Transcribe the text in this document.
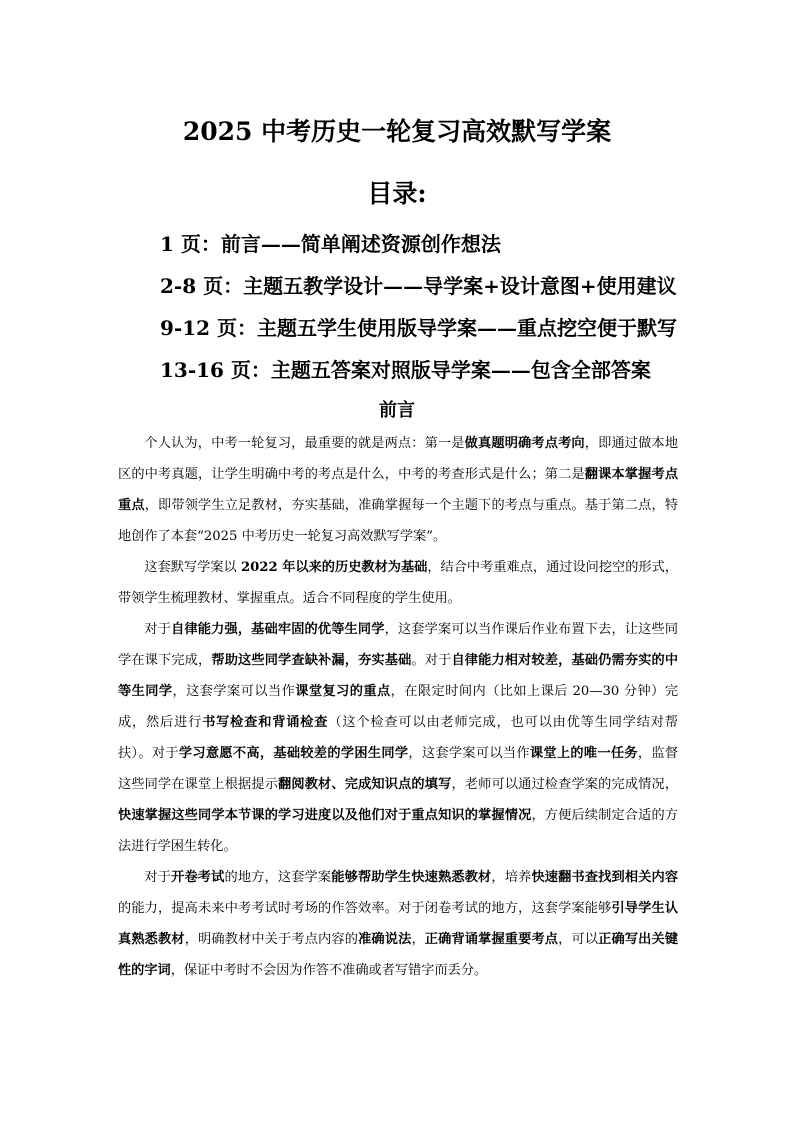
2025 中考历史一轮复习高效默写学案
目录:
1 页：前言——简单阐述资源创作想法
2-8 页：主题五教学设计——导学案+设计意图+使用建议
9-12 页：主题五学生使用版导学案——重点挖空便于默写
13-16 页：主题五答案对照版导学案——包含全部答案
前言

个人认为，中考一轮复习，最重要的就是两点：第一是做真题明确考点考向，即通过做本地区的中考真题，让学生明确中考的考点是什么，中考的考查形式是什么；第二是翻课本掌握考点重点，即带领学生立足教材，夯实基础，准确掌握每一个主题下的考点与重点。基于第二点，特地创作了本套“2025 中考历史一轮复习高效默写学案”。

这套默写学案以 2022 年以来的历史教材为基础，结合中考重难点，通过设问挖空的形式，带领学生梳理教材、掌握重点。适合不同程度的学生使用。

对于自律能力强，基础牢固的优等生同学，这套学案可以当作课后作业布置下去，让这些同学在课下完成，帮助这些同学查缺补漏，夯实基础。对于自律能力相对较差，基础仍需夯实的中等生同学，这套学案可以当作课堂复习的重点，在限定时间内（比如上课后 20—30 分钟）完成，然后进行书写检查和背诵检查（这个检查可以由老师完成，也可以由优等生同学结对帮扶）。对于学习意愿不高，基础较差的学困生同学，这套学案可以当作课堂上的唯一任务，监督这些同学在课堂上根据提示翻阅教材、完成知识点的填写，老师可以通过检查学案的完成情况，快速掌握这些同学本节课的学习进度以及他们对于重点知识的掌握情况，方便后续制定合适的方法进行学困生转化。

对于开卷考试的地方，这套学案能够帮助学生快速熟悉教材，培养快速翻书查找到相关内容的能力，提高未来中考考试时考场的作答效率。对于闭卷考试的地方，这套学案能够引导学生认真熟悉教材，明确教材中关于考点内容的准确说法，正确背诵掌握重要考点，可以正确写出关键性的字词，保证中考时不会因为作答不准确或者写错字而丢分。
